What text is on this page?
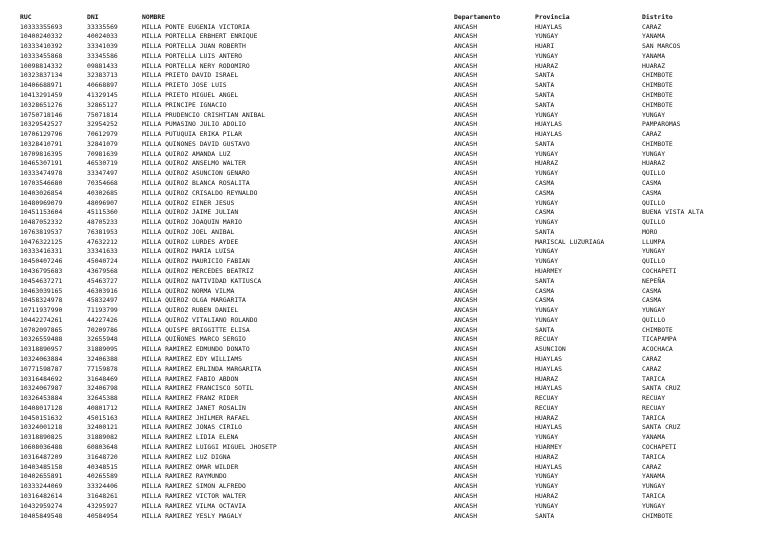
RUC	DNI	NOMBRE	Departamento	Provincia	Distrito
10333355693	33335569	MILLA PONTE EUGENIA VICTORIA	ANCASH	HUAYLAS	CARAZ
10400240332	40024033	MILLA PORTELLA ERBHERT ENRIQUE	ANCASH	YUNGAY	YANAMA
10333410392	33341039	MILLA PORTELLA JUAN ROBERTH	ANCASH	HUARI	SAN MARCOS
10333455868	33345586	MILLA PORTELLA LUIS ANTERO	ANCASH	YUNGAY	YANAMA
10098814332	09881433	MILLA PORTELLA NERY RODOMIRO	ANCASH	HUARAZ	HUARAZ
10323837134	32383713	MILLA PRIETO DAVID ISRAEL	ANCASH	SANTA	CHIMBOTE
10406688971	40668897	MILLA PRIETO JOSE LUIS	ANCASH	SANTA	CHIMBOTE
10413291459	41329145	MILLA PRIETO MIGUEL ANGEL	ANCASH	SANTA	CHIMBOTE
10328651276	32865127	MILLA PRINCIPE IGNACIO	ANCASH	SANTA	CHIMBOTE
10750718146	75071814	MILLA PRUDENCIO CRISHTIAN ANIBAL	ANCASH	YUNGAY	YUNGAY
10329542527	32954252	MILLA PUMASINO JULIO ADOLIO	ANCASH	HUAYLAS	PAMPAROMAS
10706129796	70612979	MILLA PUTUQUIA ERIKA PILAR	ANCASH	HUAYLAS	CARAZ
10328410791	32841079	MILLA QUINONES DAVID GUSTAVO	ANCASH	SANTA	CHIMBOTE
10709816395	70981639	MILLA QUIROZ AMANDA LUZ	ANCASH	YUNGAY	YUNGAY
10465307191	46530719	MILLA QUIROZ ANSELMO WALTER	ANCASH	HUARAZ	HUARAZ
10333474978	33347497	MILLA QUIROZ ASUNCION GENARO	ANCASH	YUNGAY	QUILLO
10703546680	70354668	MILLA QUIROZ BLANCA ROSALITA	ANCASH	CASMA	CASMA
10403026854	40302685	MILLA QUIROZ CRISALDO REYNALDO	ANCASH	CASMA	CASMA
10480969079	48096907	MILLA QUIROZ EINER JESUS	ANCASH	YUNGAY	QUILLO
10451153604	45115360	MILLA QUIROZ JAIME JULIAN	ANCASH	CASMA	BUENA VISTA ALTA
10487052332	48705233	MILLA QUIROZ JOAQUIN MARIO	ANCASH	YUNGAY	QUILLO
10763819537	76381953	MILLA QUIROZ JOEL ANIBAL	ANCASH	SANTA	MORO
10476322125	47632212	MILLA QUIROZ LURDES AYDEE	ANCASH	MARISCAL LUZURIAGA	LLUMPA
10333416331	33341633	MILLA QUIROZ MARIA LUISA	ANCASH	YUNGAY	YUNGAY
10450407246	45040724	MILLA QUIROZ MAURICIO FABIAN	ANCASH	YUNGAY	QUILLO
10436795683	43679568	MILLA QUIROZ MERCEDES BEATRIZ	ANCASH	HUARMEY	COCHAPETI
10454637271	45463727	MILLA QUIROZ NATIVIDAD KATIUSCA	ANCASH	SANTA	NEPEÑA
10463039165	46303916	MILLA QUIROZ NORMA VILMA	ANCASH	CASMA	CASMA
10458324978	45832497	MILLA QUIROZ OLGA MARGARITA	ANCASH	CASMA	CASMA
10711937990	71193799	MILLA QUIROZ RUBEN DANIEL	ANCASH	YUNGAY	YUNGAY
10442274261	44227426	MILLA QUIROZ VITALIANO ROLANDO	ANCASH	YUNGAY	QUILLO
10702097865	70209786	MILLA QUISPE BRIGGITTE ELISA	ANCASH	SANTA	CHIMBOTE
10326559488	32655948	MILLA QUIÑONES MARCO SERGIO	ANCASH	RECUAY	TICAPAMPA
10318890957	31889095	MILLA RAMIREZ EDMUNDO DONATO	ANCASH	ASUNCION	ACOCHACA
10324063884	32406388	MILLA RAMIREZ EDY WILLIAMS	ANCASH	HUAYLAS	CARAZ
10771598787	77159878	MILLA RAMIREZ ERLINDA MARGARITA	ANCASH	HUAYLAS	CARAZ
10316484692	31648469	MILLA RAMIREZ FABIO ABDON	ANCASH	HUARAZ	TARICA
10324067987	32406798	MILLA RAMIREZ FRANCISCO SOTIL	ANCASH	HUAYLAS	SANTA CRUZ
10326453884	32645388	MILLA RAMIREZ FRANZ RIDER	ANCASH	RECUAY	RECUAY
10408017128	40801712	MILLA RAMIREZ JANET ROSALIN	ANCASH	RECUAY	RECUAY
10450151632	45015163	MILLA RAMIREZ JHILMER RAFAEL	ANCASH	HUARAZ	TARICA
10324001218	32400121	MILLA RAMIREZ JONAS CIRILO	ANCASH	HUAYLAS	SANTA CRUZ
10318890825	31889082	MILLA RAMIREZ LIDIA ELENA	ANCASH	YUNGAY	YANAMA
10608036488	60803648	MILLA RAMIREZ LUIGGI MIGUEL JHOSETP	ANCASH	HUARMEY	COCHAPETI
10316487209	31648720	MILLA RAMIREZ LUZ DIGNA	ANCASH	HUARAZ	TARICA
10403485158	40348515	MILLA RAMIREZ OMAR WILDER	ANCASH	HUAYLAS	CARAZ
10402655891	40265589	MILLA RAMIREZ RAYMUNDO	ANCASH	YUNGAY	YANAMA
10333244069	33324406	MILLA RAMIREZ SIMON ALFREDO	ANCASH	YUNGAY	YUNGAY
10316482614	31648261	MILLA RAMIREZ VICTOR WALTER	ANCASH	HUARAZ	TARICA
10432959274	43295927	MILLA RAMIREZ VILMA OCTAVIA	ANCASH	YUNGAY	YUNGAY
10405849548	40584954	MILLA RAMIREZ YESLY MAGALY	ANCASH	SANTA	CHIMBOTE
